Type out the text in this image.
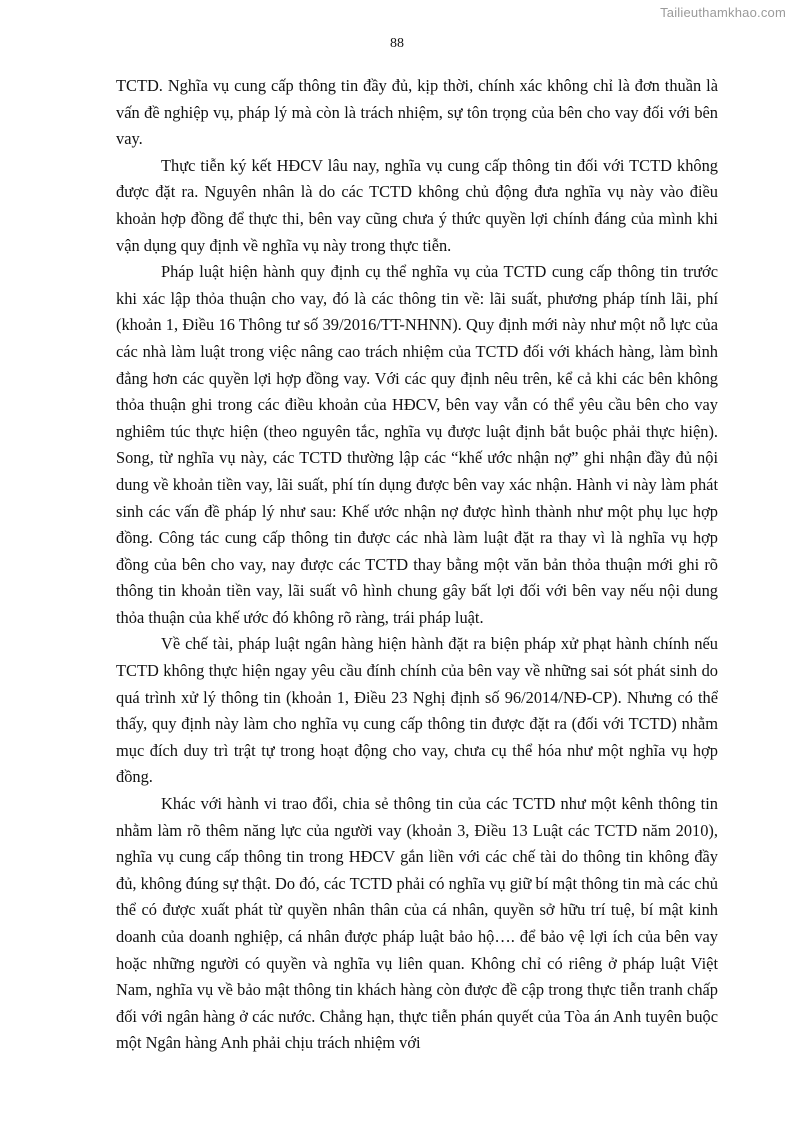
Tailieuthamkhao.com
88

TCTD. Nghĩa vụ cung cấp thông tin đầy đủ, kịp thời, chính xác không chỉ là đơn thuần là vấn đề nghiệp vụ, pháp lý mà còn là trách nhiệm, sự tôn trọng của bên cho vay đối với bên vay.

Thực tiễn ký kết HĐCV lâu nay, nghĩa vụ cung cấp thông tin đối với TCTD không được đặt ra. Nguyên nhân là do các TCTD không chủ động đưa nghĩa vụ này vào điều khoản hợp đồng để thực thi, bên vay cũng chưa ý thức quyền lợi chính đáng của mình khi vận dụng quy định về nghĩa vụ này trong thực tiễn.

Pháp luật hiện hành quy định cụ thể nghĩa vụ của TCTD cung cấp thông tin trước khi xác lập thỏa thuận cho vay, đó là các thông tin về: lãi suất, phương pháp tính lãi, phí (khoản 1, Điều 16 Thông tư số 39/2016/TT-NHNN). Quy định mới này như một nỗ lực của các nhà làm luật trong việc nâng cao trách nhiệm của TCTD đối với khách hàng, làm bình đẳng hơn các quyền lợi hợp đồng vay. Với các quy định nêu trên, kể cả khi các bên không thỏa thuận ghi trong các điều khoản của HĐCV, bên vay vẫn có thể yêu cầu bên cho vay nghiêm túc thực hiện (theo nguyên tắc, nghĩa vụ được luật định bắt buộc phải thực hiện). Song, từ nghĩa vụ này, các TCTD thường lập các “khế ước nhận nợ” ghi nhận đầy đủ nội dung về khoản tiền vay, lãi suất, phí tín dụng được bên vay xác nhận. Hành vi này làm phát sinh các vấn đề pháp lý như sau: Khế ước nhận nợ được hình thành như một phụ lục hợp đồng. Công tác cung cấp thông tin được các nhà làm luật đặt ra thay vì là nghĩa vụ hợp đồng của bên cho vay, nay được các TCTD thay bằng một văn bản thỏa thuận mới ghi rõ thông tin khoản tiền vay, lãi suất vô hình chung gây bất lợi đối với bên vay nếu nội dung thỏa thuận của khế ước đó không rõ ràng, trái pháp luật.

Về chế tài, pháp luật ngân hàng hiện hành đặt ra biện pháp xử phạt hành chính nếu TCTD không thực hiện ngay yêu cầu đính chính của bên vay về những sai sót phát sinh do quá trình xử lý thông tin (khoản 1, Điều 23 Nghị định số 96/2014/NĐ-CP). Nhưng có thể thấy, quy định này làm cho nghĩa vụ cung cấp thông tin được đặt ra (đối với TCTD) nhằm mục đích duy trì trật tự trong hoạt động cho vay, chưa cụ thể hóa như một nghĩa vụ hợp đồng.

Khác với hành vi trao đổi, chia sẻ thông tin của các TCTD như một kênh thông tin nhằm làm rõ thêm năng lực của người vay (khoản 3, Điều 13 Luật các TCTD năm 2010), nghĩa vụ cung cấp thông tin trong HĐCV gắn liền với các chế tài do thông tin không đầy đủ, không đúng sự thật. Do đó, các TCTD phải có nghĩa vụ giữ bí mật thông tin mà các chủ thể có được xuất phát từ quyền nhân thân của cá nhân, quyền sở hữu trí tuệ, bí mật kinh doanh của doanh nghiệp, cá nhân được pháp luật bảo hộ…. để bảo vệ lợi ích của bên vay hoặc những người có quyền và nghĩa vụ liên quan. Không chỉ có riêng ở pháp luật Việt Nam, nghĩa vụ về bảo mật thông tin khách hàng còn được đề cập trong thực tiễn tranh chấp đối với ngân hàng ở các nước. Chẳng hạn, thực tiễn phán quyết của Tòa án Anh tuyên buộc một Ngân hàng Anh phải chịu trách nhiệm với
